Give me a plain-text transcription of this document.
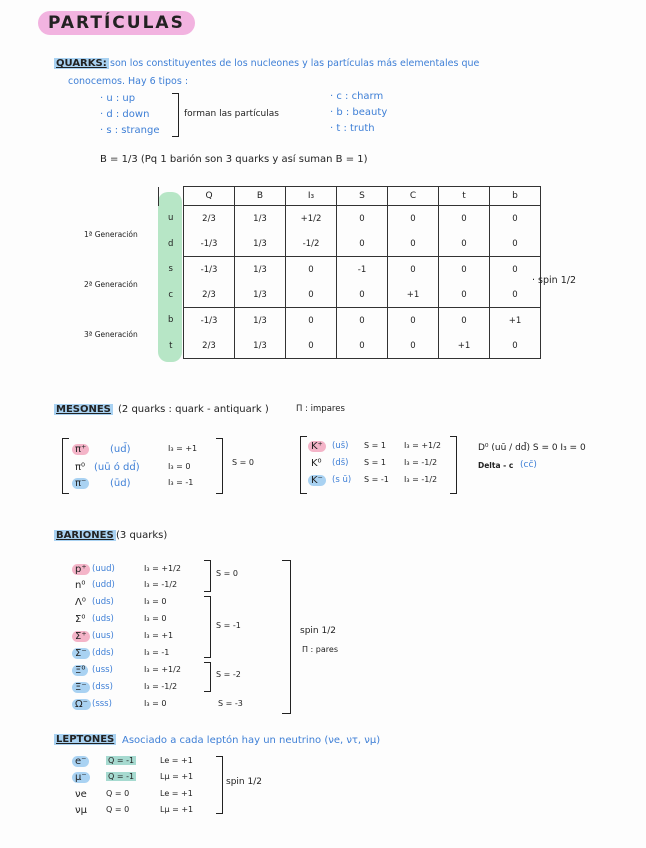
PARTÍCULAS
QUARKS: son los constituyentes de los nucleones y las partículas más elementales que
conocemos. Hay 6 tipos :
· u : up
· d : down
· s : strange
forman las partículas
· c : charm
· b : beauty
· t : truth
B = 1/3 (Pq 1 barión son 3 quarks y así suman B = 1)
	Q	B	I₃	S	C	t	b
u	2/3	1/3	+1/2	0	0	0	0
d	-1/3	1/3	-1/2	0	0	0	0
s	-1/3	1/3	0	-1	0	0	0
c	2/3	1/3	0	0	+1	0	0
b	-1/3	1/3	0	0	0	0	+1
t	2/3	1/3	0	0	0	+1	0
1ª Generación
2ª Generación
3ª Generación
· spin 1/2
MESONES (2 quarks : quark - antiquark )	Π : impares
π⁺	(ud̄)	I₃ = +1
π⁰ (uū ó dd̄)	I₃ = 0
π⁻	(ūd)	I₃ = -1
S = 0
K⁺	(us̄) S = 1 I₃ = +1/2
K⁰ (ds̄) S = 1 I₃ = -1/2
K⁻	(s ū) S = -1 I₃ = -1/2
D⁰ (uū / dd̄) S = 0 I₃ = 0
Delta - c (cc̄)
BARIONES (3 quarks)
p⁺ (uud)	I₃ = +1/2
n⁰ (udd)	I₃ = -1/2
Λ⁰ (uds)	I₃ = 0
Σ⁰ (uds)	I₃ = 0
Σ⁺ (uus)	I₃ = +1
Σ⁻ (dds)	I₃ = -1
Ξ⁰ (uss)	I₃ = +1/2
Ξ⁻ (dss)	I₃ = -1/2
Ω⁻ (sss)	I₃ = 0
S = 0
S = -1
S = -2
S = -3
spin 1/2
Π : pares
LEPTONES Asociado a cada leptón hay un neutrino (νe, ντ, νμ)
e⁻	Q = -1	Le = +1
μ⁻	Q = -1	Lμ = +1
νe	Q = 0	Le = +1
νμ	Q = 0	Lμ = +1
spin 1/2
